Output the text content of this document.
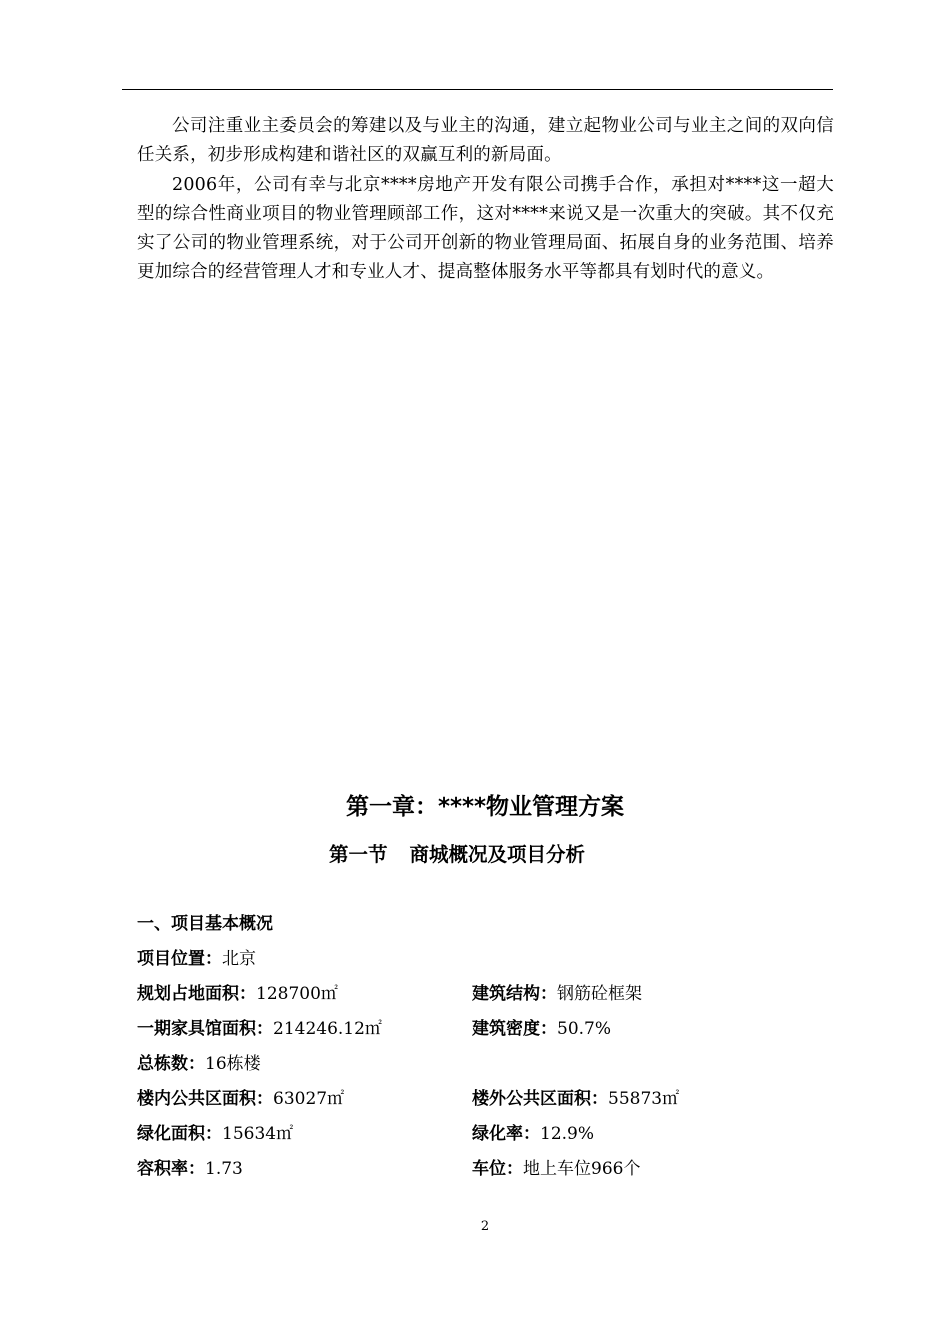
公司注重业主委员会的筹建以及与业主的沟通，建立起物业公司与业主之间的双向信任关系，初步形成构建和谐社区的双赢互利的新局面。

2006年，公司有幸与北京****房地产开发有限公司携手合作，承担对****这一超大型的综合性商业项目的物业管理顾部工作，这对****来说又是一次重大的突破。其不仅充实了公司的物业管理系统，对于公司开创新的物业管理局面、拓展自身的业务范围、培养更加综合的经营管理人才和专业人才、提高整体服务水平等都具有划时代的意义。

第一章：****物业管理方案
第一节 商城概况及项目分析
一、项目基本概况
项目位置：北京
规划占地面积：128700㎡	建筑结构：钢筋砼框架
一期家具馆面积：214246.12㎡	建筑密度：50.7%
总栋数：16栋楼
楼内公共区面积：63027㎡	楼外公共区面积：55873㎡
绿化面积：15634㎡	绿化率：12.9%
容积率：1.73	车位：地上车位966个
2
